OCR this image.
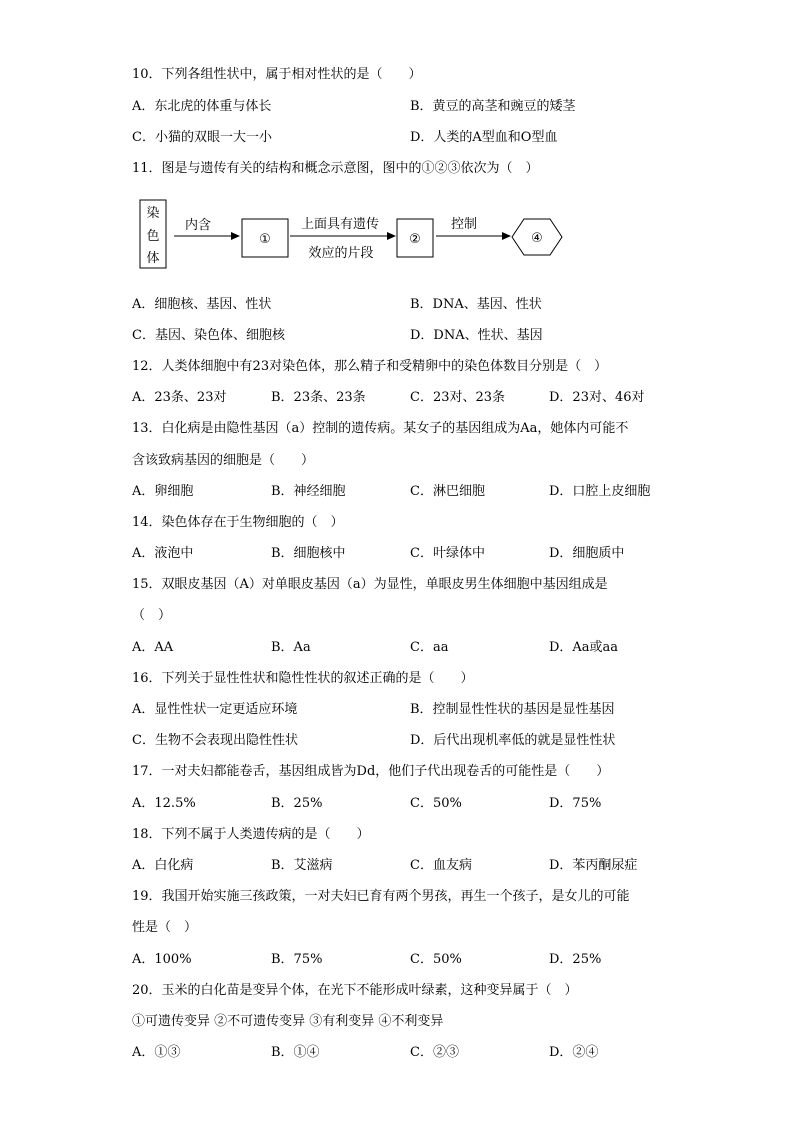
10．下列各组性状中，属于相对性状的是（　　）
A．东北虎的体重与体长	B．黄豆的高茎和豌豆的矮茎
C．小猫的双眼一大一小	D．人类的A型血和O型血
11．图是与遗传有关的结构和概念示意图，图中的①②③依次为（　）
染
色
体
内含
①
上面具有遗传
效应的片段
②
控制
④
A．细胞核、基因、性状	B．DNA、基因、性状
C．基因、染色体、细胞核	D．DNA、性状、基因
12．人类体细胞中有23对染色体，那么精子和受精卵中的染色体数目分别是（　）
A．23条、23对	B．23条、23条	C．23对、23条	D．23对、46对
13．白化病是由隐性基因（a）控制的遗传病。某女子的基因组成为Aa，她体内可能不
含该致病基因的细胞是（　　）
A．卵细胞	B．神经细胞	C．淋巴细胞	D．口腔上皮细胞
14．染色体存在于生物细胞的（　）
A．液泡中	B．细胞核中	C．叶绿体中	D．细胞质中
15．双眼皮基因（A）对单眼皮基因（a）为显性，单眼皮男生体细胞中基因组成是
（　）
A．AA	B．Aa	C．aa	D．Aa或aa
16．下列关于显性性状和隐性性状的叙述正确的是（　　）
A．显性性状一定更适应环境	B．控制显性性状的基因是显性基因
C．生物不会表现出隐性性状	D．后代出现机率低的就是显性性状
17．一对夫妇都能卷舌，基因组成皆为Dd，他们子代出现卷舌的可能性是（　　）
A．12.5%	B．25%	C．50%	D．75%
18．下列不属于人类遗传病的是（　　）
A．白化病	B．艾滋病	C．血友病	D．苯丙酮尿症
19．我国开始实施三孩政策，一对夫妇已育有两个男孩，再生一个孩子，是女儿的可能
性是（　）
A．100%	B．75%	C．50%	D．25%
20．玉米的白化苗是变异个体，在光下不能形成叶绿素，这种变异属于（　）
①可遗传变异 ②不可遗传变异 ③有利变异 ④不利变异
A．①③	B．①④	C．②③	D．②④
